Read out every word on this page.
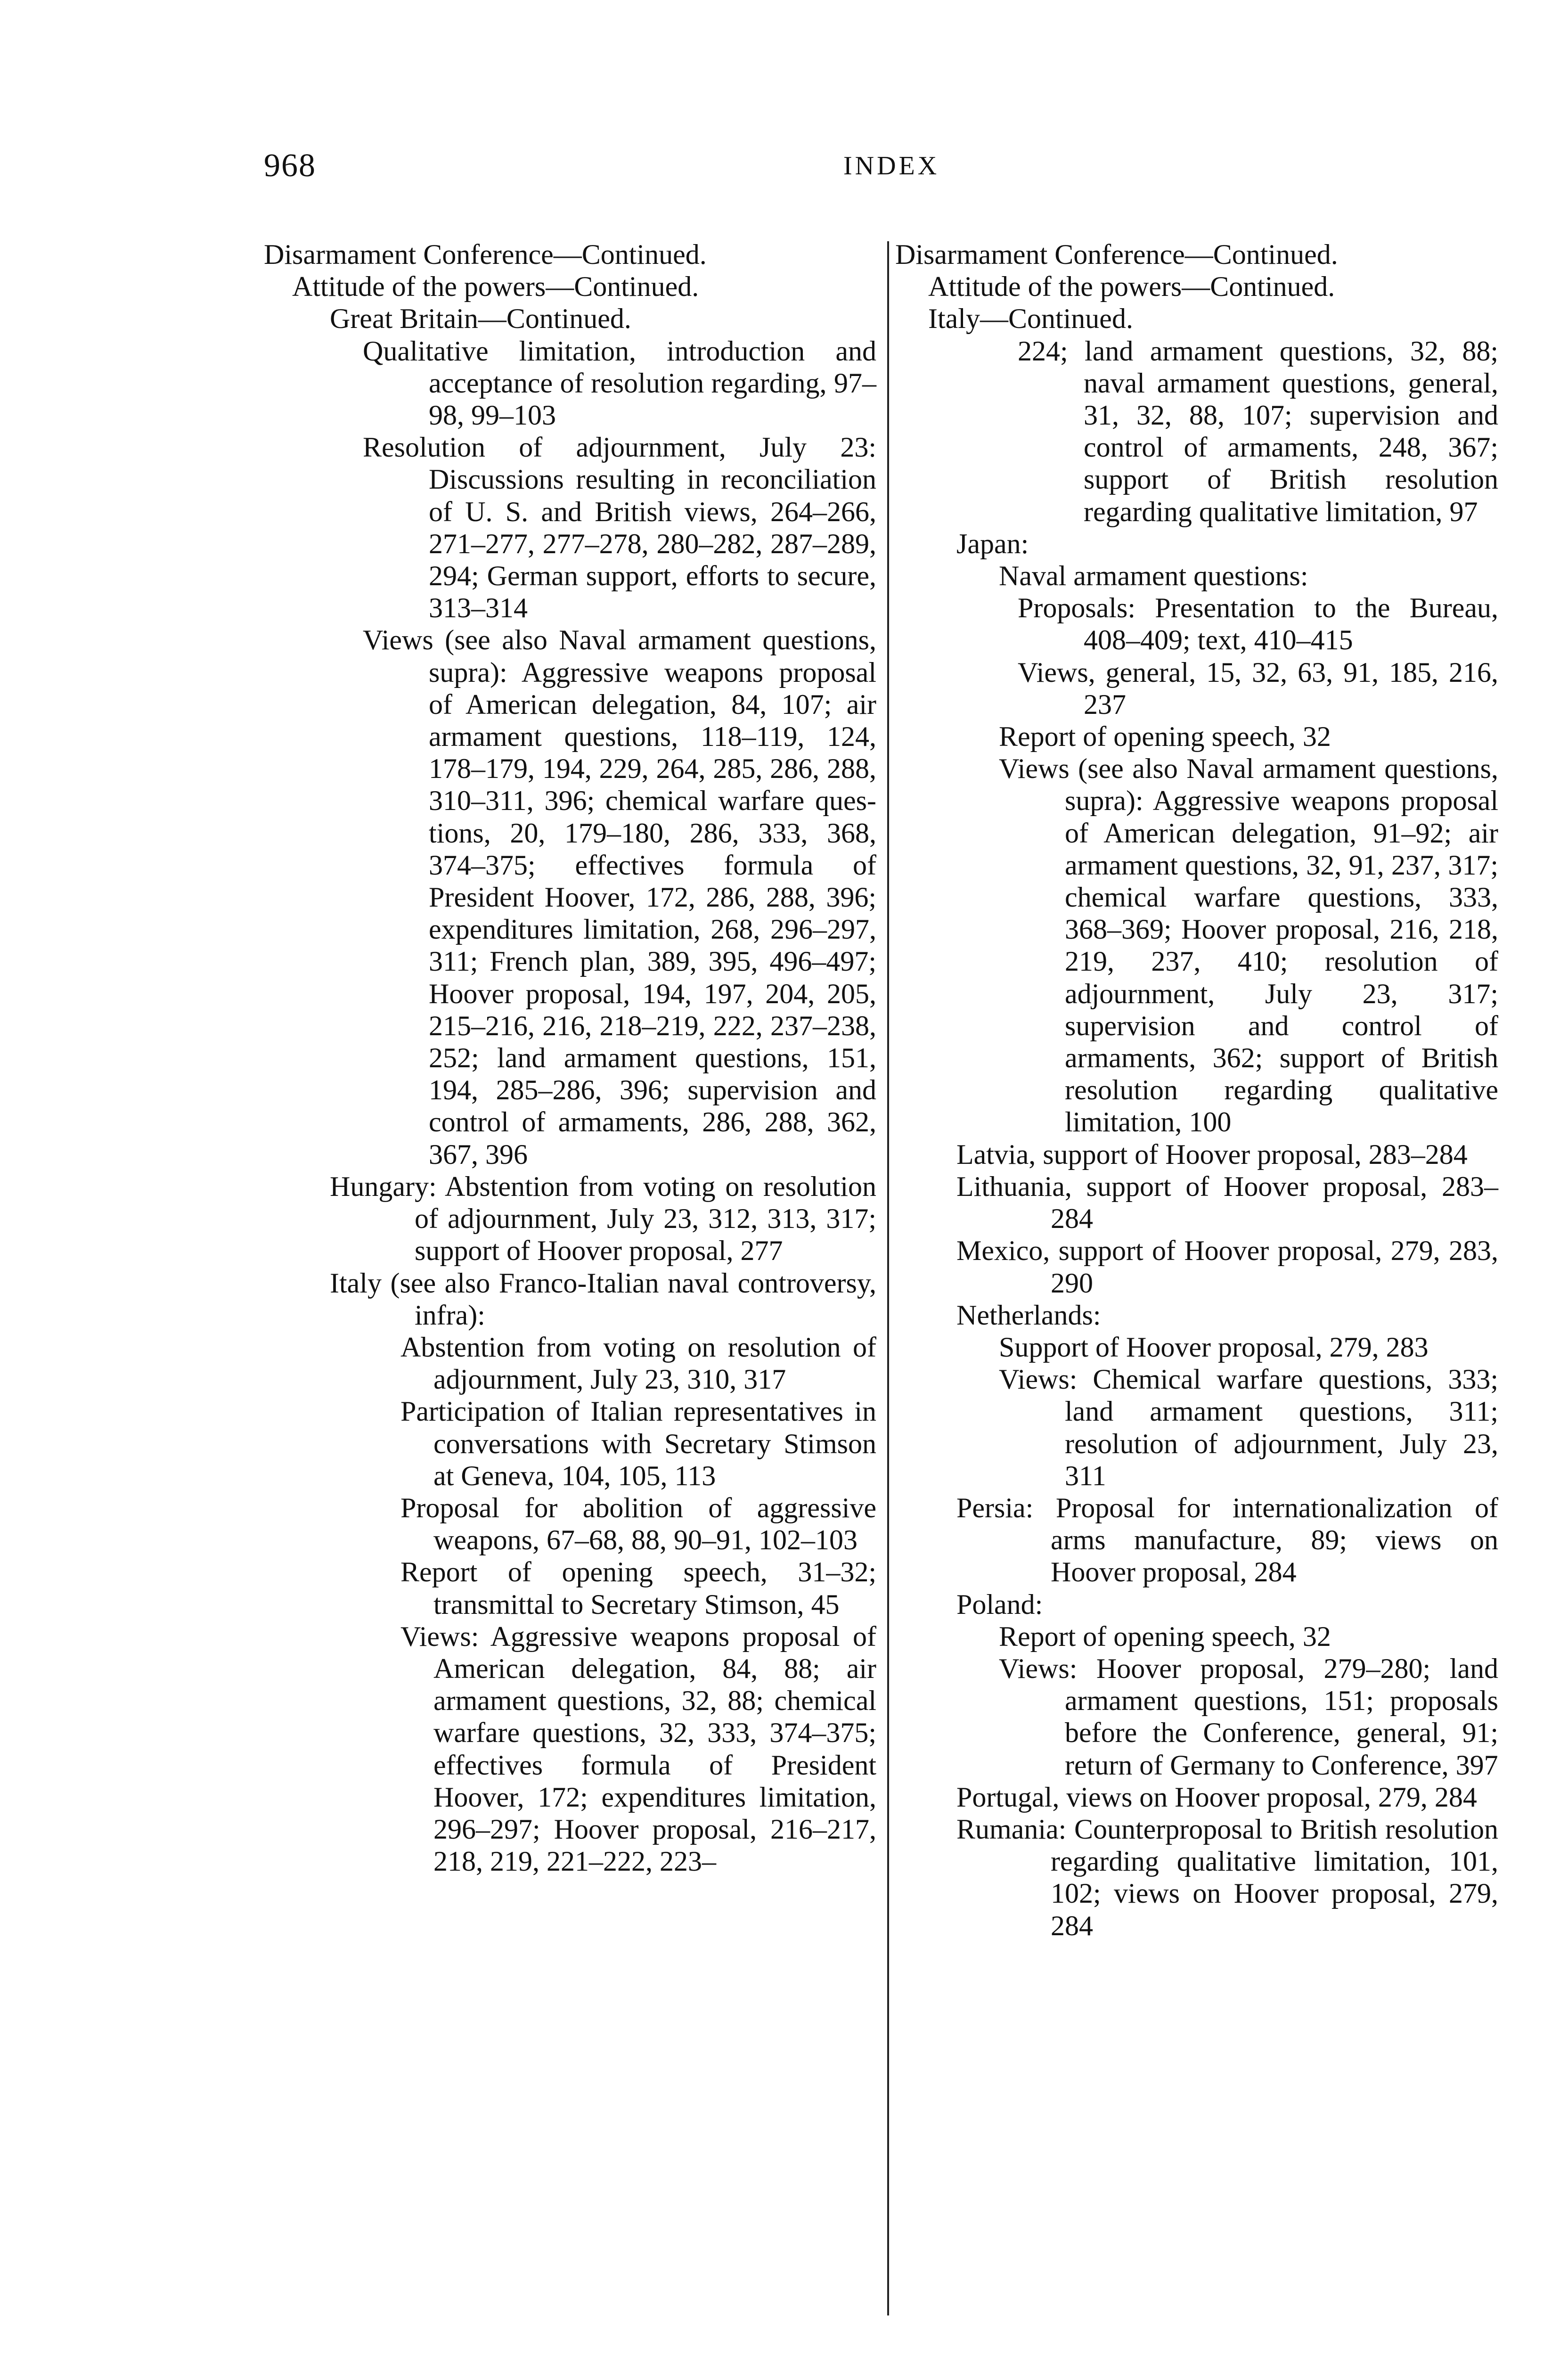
968	INDEX

Disarmament Conference—Continued.

Attitude of the powers—Continued.

Great Britain—Continued.

Qualitative limitation, introduction and acceptance of resolution regarding, 97–98, 99–103

Resolution of adjournment, July 23: Discussions resulting in reconciliation of U. S. and British views, 264–266, 271–277, 277–278, 280–282, 287–289, 294; German support, efforts to secure, 313–314

Views (see also Naval armament questions, supra): Aggressive weapons proposal of American delegation, 84, 107; air armament questions, 118–119, 124, 178–179, 194, 229, 264, 285, 286, 288, 310–311, 396; chemical warfare questions, 20, 179–180, 286, 333, 368, 374–375; effectives formula of President Hoover, 172, 286, 288, 396; expenditures limitation, 268, 296–297, 311; French plan, 389, 395, 496–497; Hoover proposal, 194, 197, 204, 205, 215–216, 216, 218–219, 222, 237–238, 252; land armament questions, 151, 194, 285–286, 396; supervision and control of armaments, 286, 288, 362, 367, 396

Hungary: Abstention from voting on resolution of adjournment, July 23, 312, 313, 317; support of Hoover proposal, 277

Italy (see also Franco-Italian naval controversy, infra):

Abstention from voting on resolution of adjournment, July 23, 310, 317

Participation of Italian representatives in conversations with Secretary Stimson at Geneva, 104, 105, 113

Proposal for abolition of aggressive weapons, 67–68, 88, 90–91, 102–103

Report of opening speech, 31–32; transmittal to Secretary Stimson, 45

Views: Aggressive weapons proposal of American delegation, 84, 88; air armament questions, 32, 88; chemical warfare questions, 32, 333, 374–375; effectives formula of President Hoover, 172; expenditures limitation, 296–297; Hoover proposal, 216–217, 218, 219, 221–222, 223–

Disarmament Conference—Continued.

Attitude of the powers—Continued.

Italy—Continued.

224; land armament questions, 32, 88; naval armament questions, general, 31, 32, 88, 107; supervision and control of armaments, 248, 367; support of British resolution regarding qualitative limitation, 97

Japan:

Naval armament questions:

Proposals: Presentation to the Bureau, 408–409; text, 410–415

Views, general, 15, 32, 63, 91, 185, 216, 237

Report of opening speech, 32

Views (see also Naval armament questions, supra): Aggressive weapons proposal of American delegation, 91–92; air armament questions, 32, 91, 237, 317; chemical warfare questions, 333, 368–369; Hoover proposal, 216, 218, 219, 237, 410; resolution of adjournment, July 23, 317; supervision and control of armaments, 362; support of British resolution regarding qualitative limitation, 100

Latvia, support of Hoover proposal, 283–284

Lithuania, support of Hoover proposal, 283–284

Mexico, support of Hoover proposal, 279, 283, 290

Netherlands:

Support of Hoover proposal, 279, 283

Views: Chemical warfare questions, 333; land armament questions, 311; resolution of adjournment, July 23, 311

Persia: Proposal for internationalization of arms manufacture, 89; views on Hoover proposal, 284

Poland:

Report of opening speech, 32

Views: Hoover proposal, 279–280; land armament questions, 151; proposals before the Conference, general, 91; return of Germany to Conference, 397

Portugal, views on Hoover proposal, 279, 284

Rumania: Counterproposal to British resolution regarding qualitative limitation, 101, 102; views on Hoover proposal, 279, 284
